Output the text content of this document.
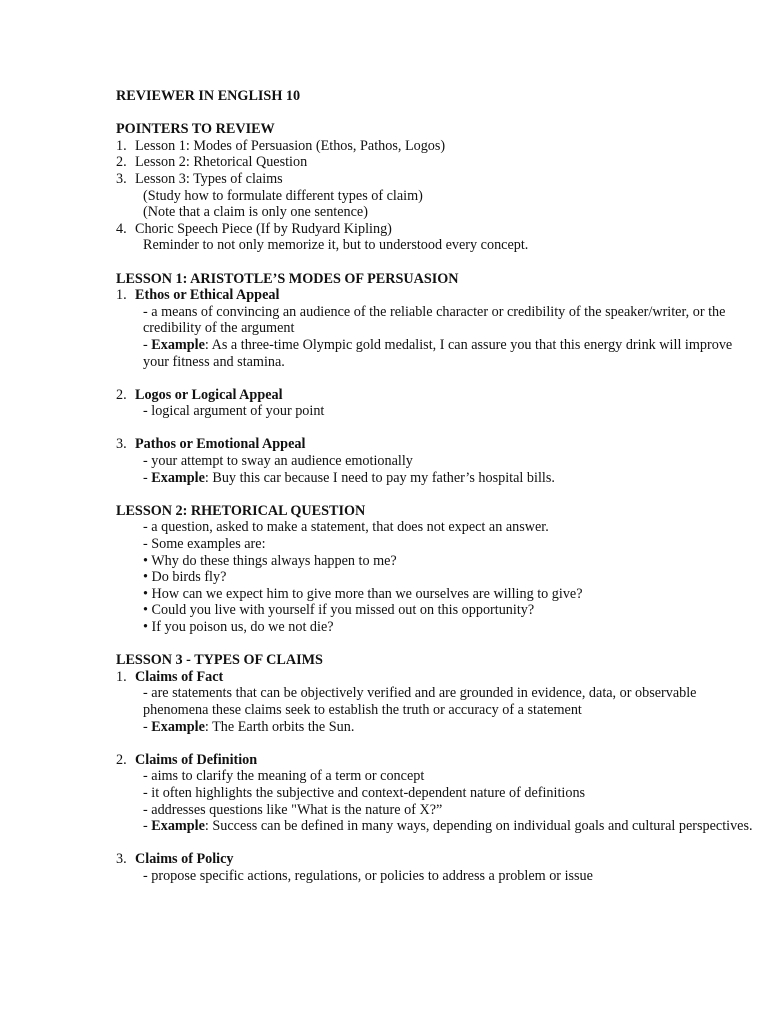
REVIEWER IN ENGLISH 10

POINTERS TO REVIEW

1. Lesson 1: Modes of Persuasion (Ethos, Pathos, Logos)
2. Lesson 2: Rhetorical Question
3. Lesson 3: Types of claims

(Study how to formulate different types of claim)

(Note that a claim is only one sentence)

4. Choric Speech Piece (If by Rudyard Kipling)

Reminder to not only memorize it, but to understood every concept.

LESSON 1: ARISTOTLE’S MODES OF PERSUASION

1. Ethos or Ethical Appeal

- a means of convincing an audience of the reliable character or credibility of the speaker/writer, or the credibility of the argument

- Example: As a three-time Olympic gold medalist, I can assure you that this energy drink will improve your fitness and stamina.

2. Logos or Logical Appeal

- logical argument of your point

3. Pathos or Emotional Appeal

- your attempt to sway an audience emotionally

- Example: Buy this car because I need to pay my father’s hospital bills.

LESSON 2: RHETORICAL QUESTION

- a question, asked to make a statement, that does not expect an answer.

- Some examples are:

• Why do these things always happen to me?

• Do birds fly?

• How can we expect him to give more than we ourselves are willing to give?

• Could you live with yourself if you missed out on this opportunity?

• If you poison us, do we not die?

LESSON 3 - TYPES OF CLAIMS

1. Claims of Fact

- are statements that can be objectively verified and are grounded in evidence, data, or observable phenomena these claims seek to establish the truth or accuracy of a statement

- Example: The Earth orbits the Sun.

2. Claims of Definition

- aims to clarify the meaning of a term or concept

- it often highlights the subjective and context-dependent nature of definitions

- addresses questions like "What is the nature of X?”

- Example: Success can be defined in many ways, depending on individual goals and cultural perspectives.

3. Claims of Policy

- propose specific actions, regulations, or policies to address a problem or issue
